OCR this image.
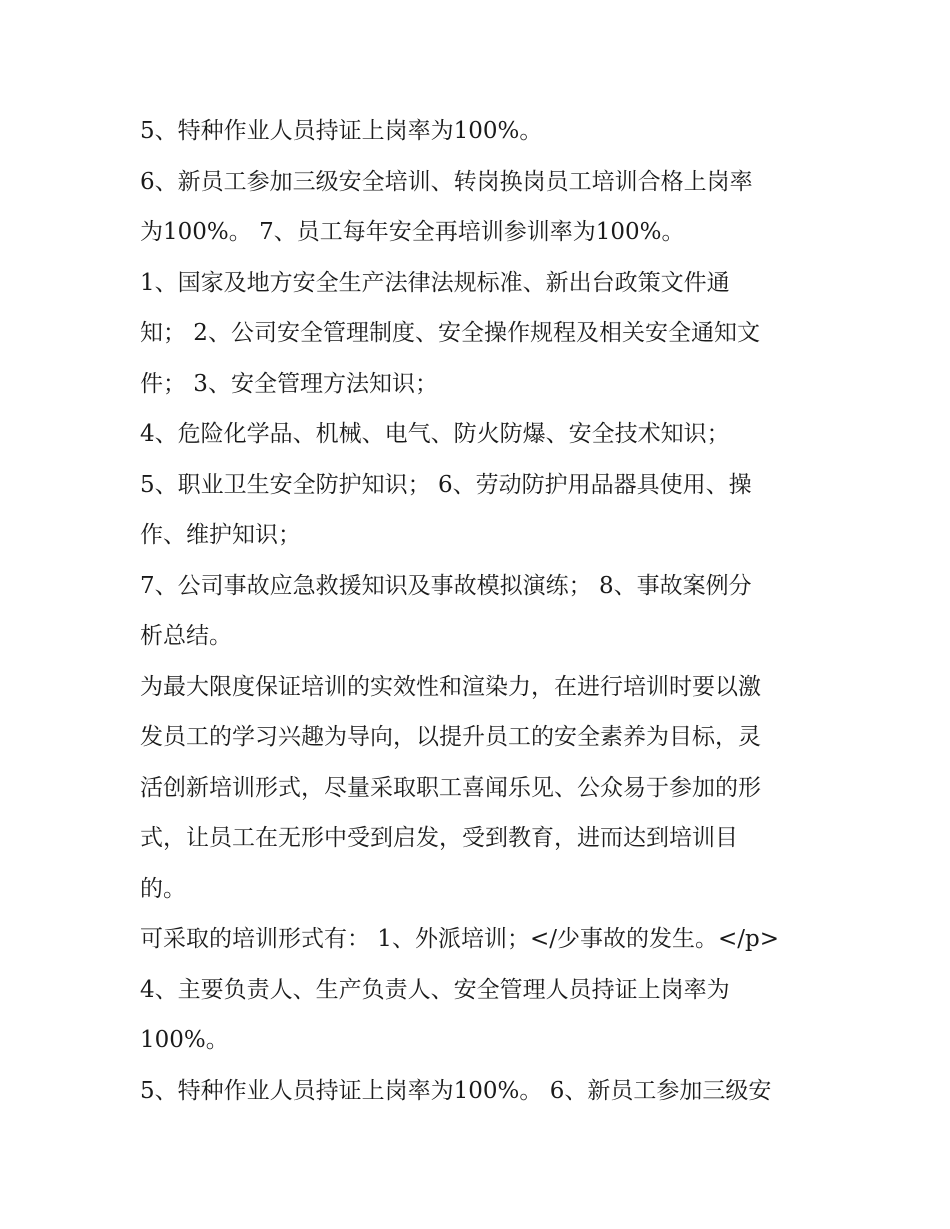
5、特种作业人员持证上岗率为100%。
6、新员工参加三级安全培训、转岗换岗员工培训合格上岗率
为100%。 7、员工每年安全再培训参训率为100%。
1、国家及地方安全生产法律法规标准、新出台政策文件通
知； 2、公司安全管理制度、安全操作规程及相关安全通知文
件； 3、安全管理方法知识；
4、危险化学品、机械、电气、防火防爆、安全技术知识；
5、职业卫生安全防护知识； 6、劳动防护用品器具使用、操
作、维护知识；
7、公司事故应急救援知识及事故模拟演练； 8、事故案例分
析总结。
为最大限度保证培训的实效性和渲染力，在进行培训时要以激
发员工的学习兴趣为导向，以提升员工的安全素养为目标，灵
活创新培训形式，尽量采取职工喜闻乐见、公众易于参加的形
式，让员工在无形中受到启发，受到教育，进而达到培训目
的。
可采取的培训形式有： 1、外派培训；</少事故的发生。</p>
4、主要负责人、生产负责人、安全管理人员持证上岗率为
100%。
5、特种作业人员持证上岗率为100%。 6、新员工参加三级安
